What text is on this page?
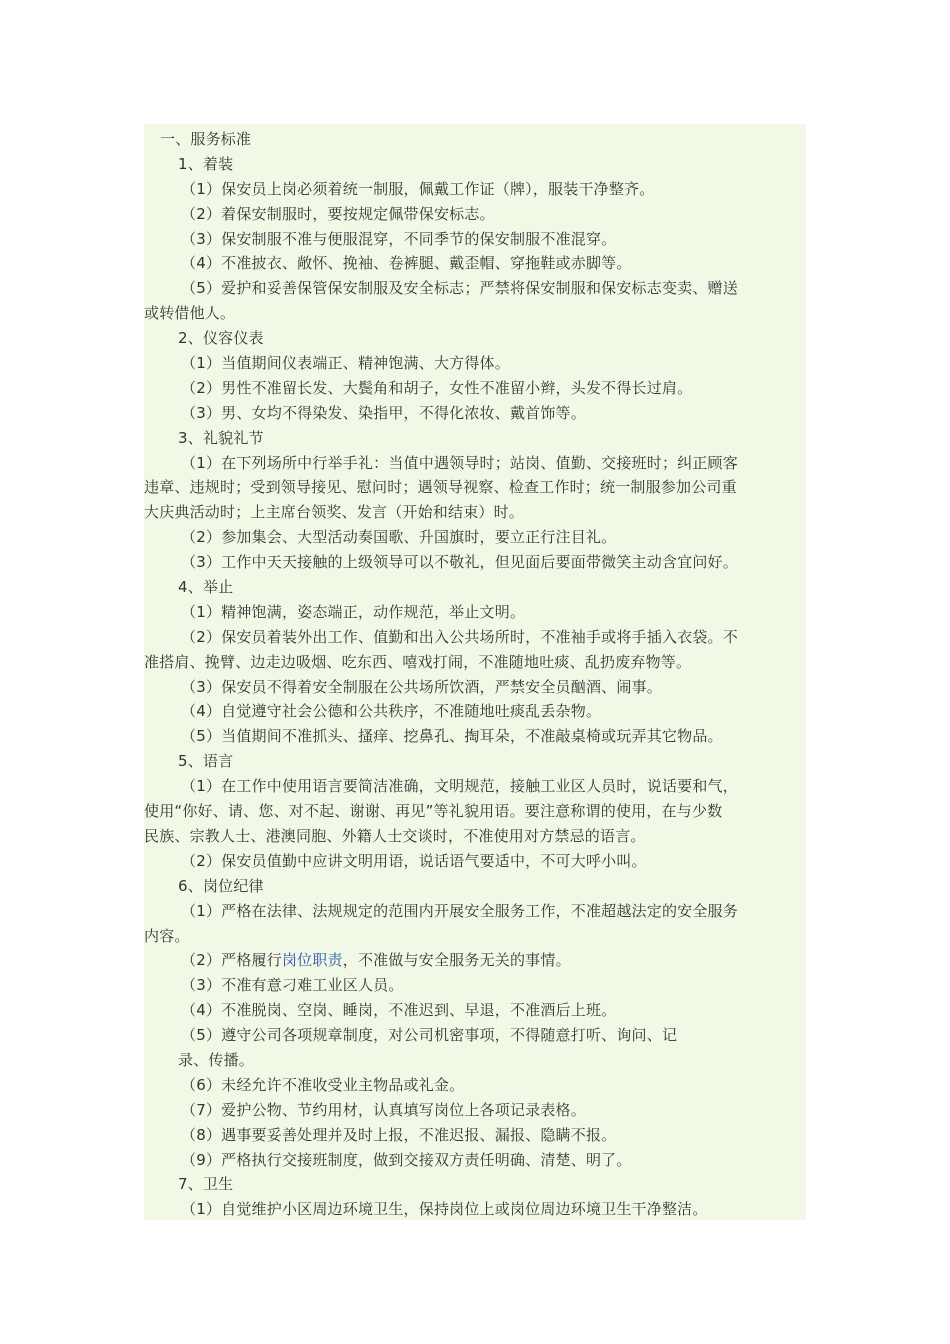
一、服务标准
1、着装
（1）保安员上岗必须着统一制服，佩戴工作证（牌），服装干净整齐。
（2）着保安制服时，要按规定佩带保安标志。
（3）保安制服不准与便服混穿，不同季节的保安制服不准混穿。
（4）不准披衣、敞怀、挽袖、卷裤腿、戴歪帽、穿拖鞋或赤脚等。
（5）爱护和妥善保管保安制服及安全标志；严禁将保安制服和保安标志变卖、赠送
或转借他人。
2、仪容仪表
（1）当值期间仪表端正、精神饱满、大方得体。
（2）男性不准留长发、大鬓角和胡子，女性不准留小辫，头发不得长过肩。
（3）男、女均不得染发、染指甲，不得化浓妆、戴首饰等。
3、礼貌礼节
（1）在下列场所中行举手礼：当值中遇领导时；站岗、值勤、交接班时；纠正顾客
违章、违规时；受到领导接见、慰问时；遇领导视察、检查工作时；统一制服参加公司重
大庆典活动时；上主席台领奖、发言（开始和结束）时。
（2）参加集会、大型活动奏国歌、升国旗时，要立正行注目礼。
（3）工作中天天接触的上级领导可以不敬礼，但见面后要面带微笑主动含宜问好。
4、举止
（1）精神饱满，姿态端正，动作规范，举止文明。
（2）保安员着装外出工作、值勤和出入公共场所时，不准袖手或将手插入衣袋。不
准搭肩、挽臂、边走边吸烟、吃东西、嘻戏打闹，不准随地吐痰、乱扔废弃物等。
（3）保安员不得着安全制服在公共场所饮酒，严禁安全员酗酒、闹事。
（4）自觉遵守社会公德和公共秩序，不准随地吐痰乱丢杂物。
（5）当值期间不准抓头、搔痒、挖鼻孔、掏耳朵，不准敲桌椅或玩弄其它物品。
5、语言
（1）在工作中使用语言要简洁准确，文明规范，接触工业区人员时，说话要和气，
使用“你好、请、您、对不起、谢谢、再见”等礼貌用语。要注意称谓的使用，在与少数
民族、宗教人士、港澳同胞、外籍人士交谈时，不准使用对方禁忌的语言。
（2）保安员值勤中应讲文明用语，说话语气要适中，不可大呼小叫。
6、岗位纪律
（1）严格在法律、法规规定的范围内开展安全服务工作，不准超越法定的安全服务
内容。
（2）严格履行岗位职责，不准做与安全服务无关的事情。
（3）不准有意刁难工业区人员。
（4）不准脱岗、空岗、睡岗，不准迟到、早退，不准酒后上班。
（5）遵守公司各项规章制度，对公司机密事项，不得随意打听、询问、记
录、传播。
（6）未经允许不准收受业主物品或礼金。
（7）爱护公物、节约用材，认真填写岗位上各项记录表格。
（8）遇事要妥善处理并及时上报，不准迟报、漏报、隐瞒不报。
（9）严格执行交接班制度，做到交接双方责任明确、清楚、明了。
7、卫生
（1）自觉维护小区周边环境卫生，保持岗位上或岗位周边环境卫生干净整洁。
